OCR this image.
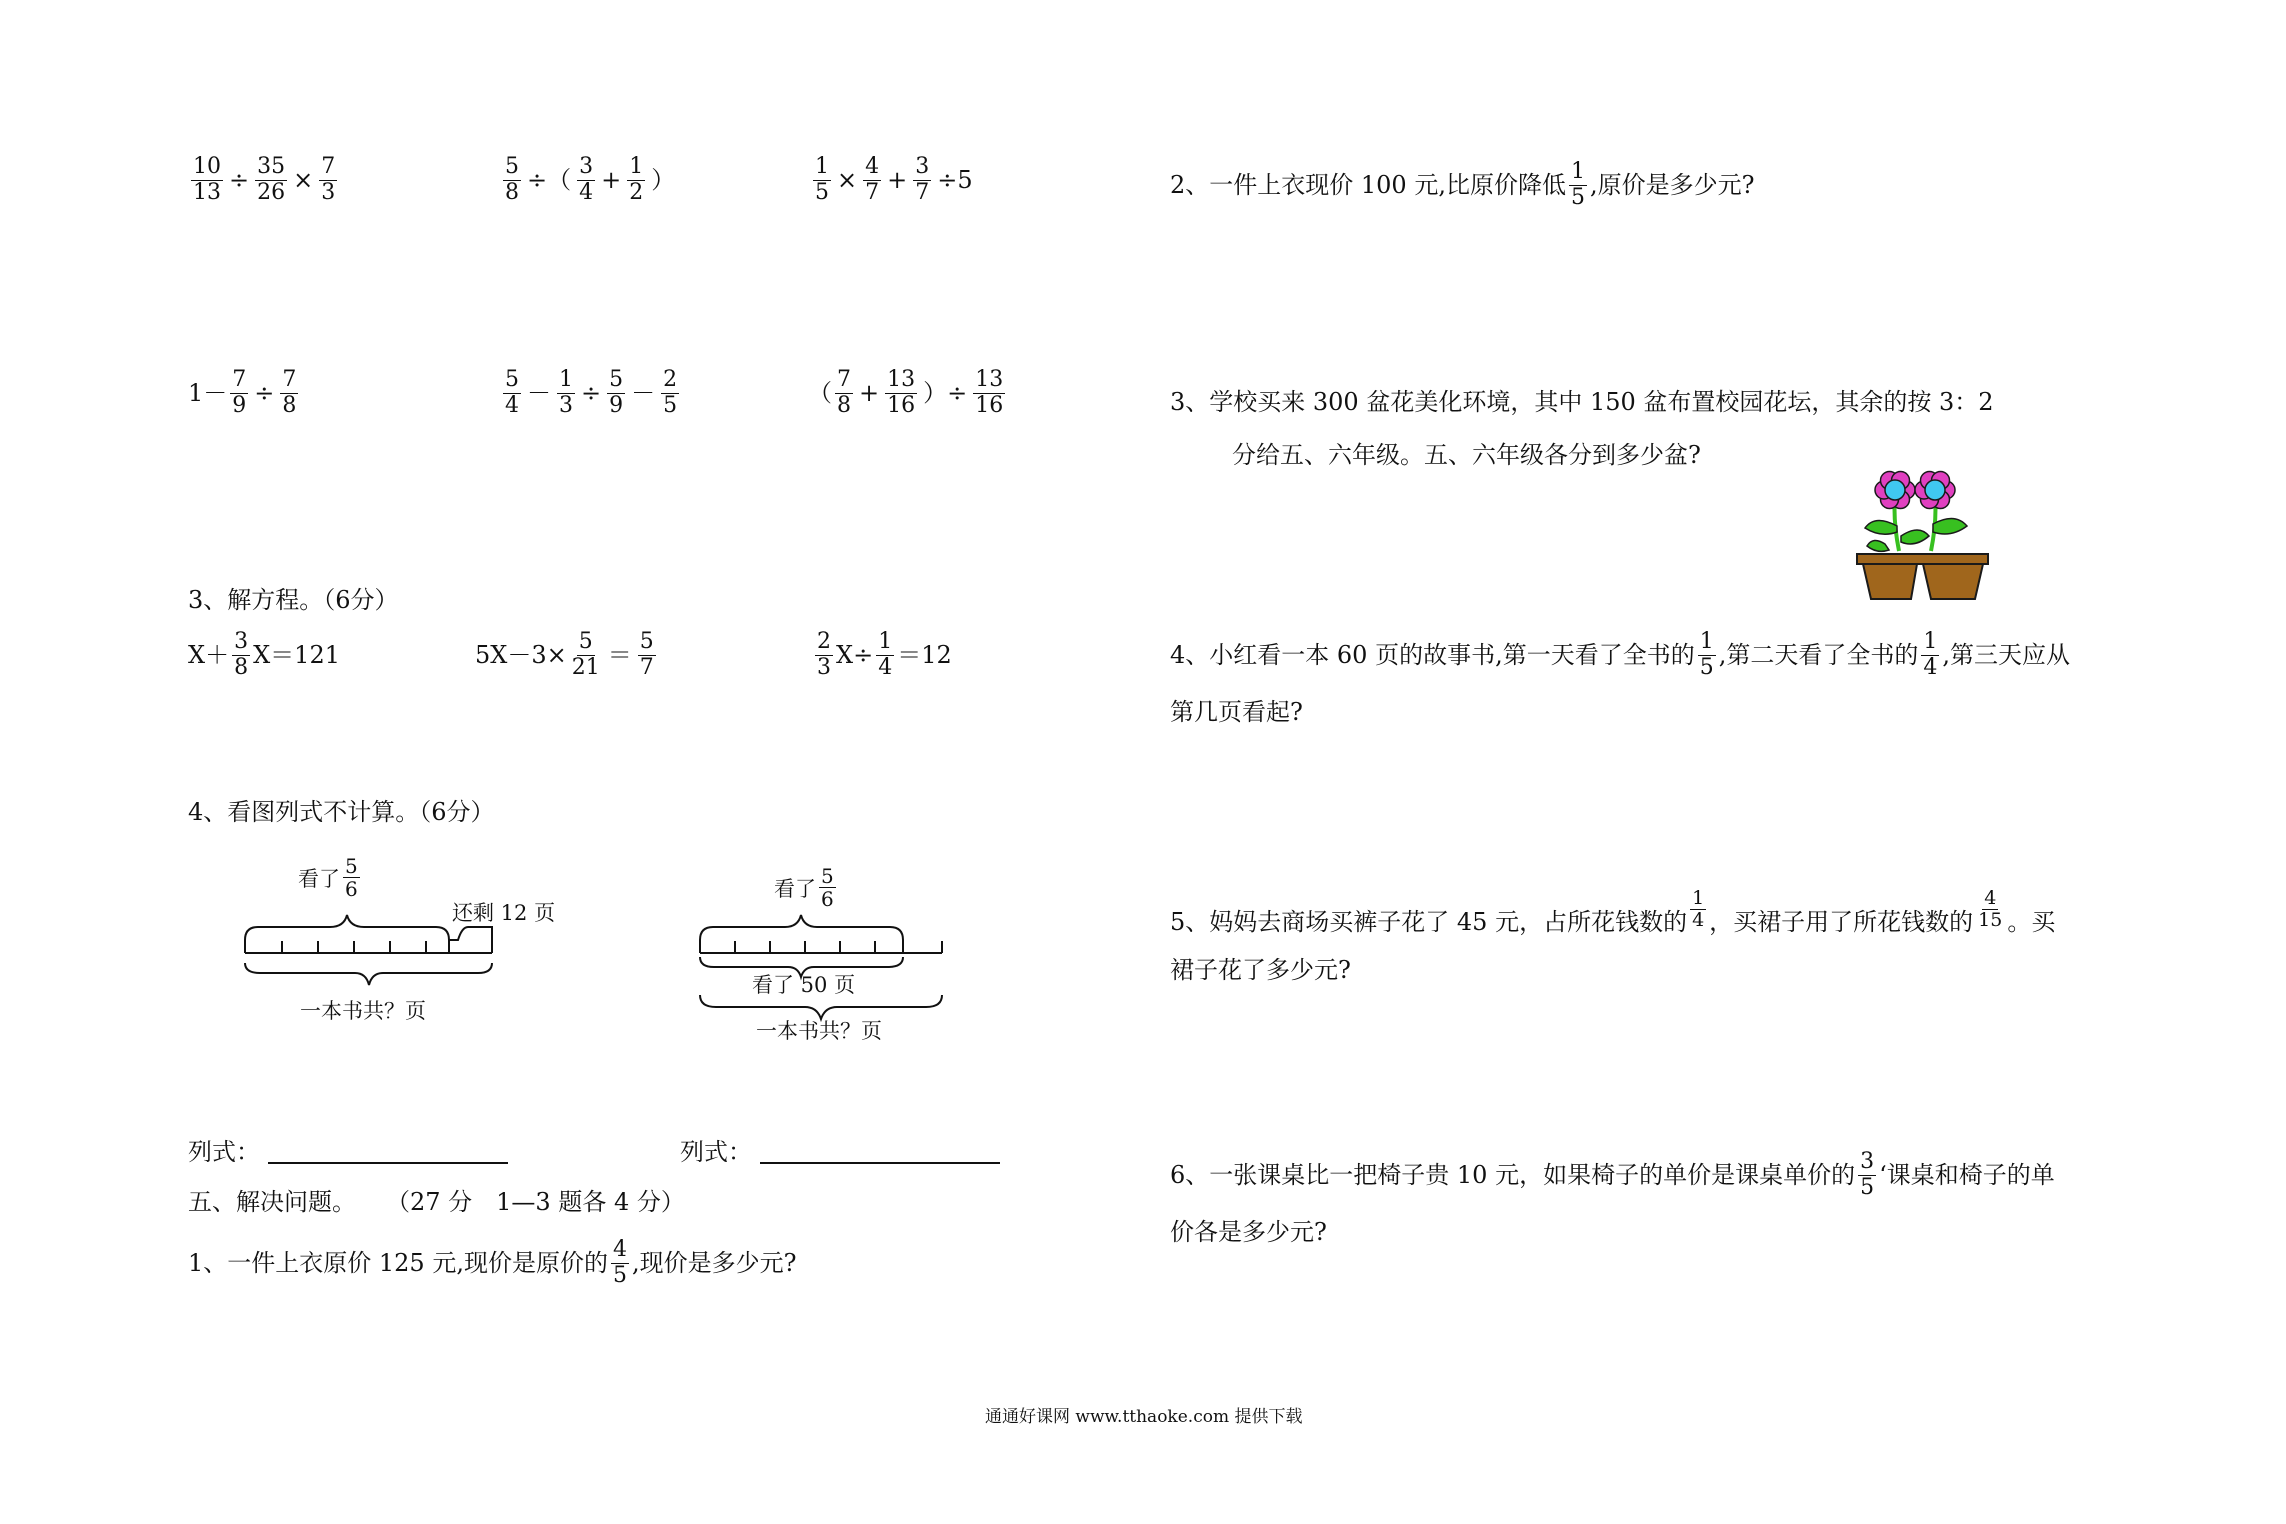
$\frac{10}{13} \div \frac{35}{26} \times \frac{7}{3}$	$\frac{5}{8}$ ÷（ $\frac{3}{4} + \frac{1}{2}$ ）	$\frac{1}{5} \times \frac{4}{7} + \frac{3}{7} \div 5$
$1- \frac{7}{9} \div \frac{7}{8}$	$\frac{5}{4} - \frac{1}{3} \div \frac{5}{9} - \frac{2}{5}$	（ $\frac{7}{8} + \frac{13}{16}$ ）÷ $\frac{13}{16}$
3、解方程。（6分）
$X+ \frac{3}{8} X=121$	$5X-3\times \frac{5}{21} = \frac{5}{7}$	$\frac{2}{3} X\div \frac{1}{4} =12$
4、看图列式不计算。（6分）
看了 $\frac{5}{6}$
还剩 12 页
一本书共？页
看了 $\frac{5}{6}$
看了 50 页
一本书共？页
列式：	列式：
五、解决问题。 （27 分　1—3 题各 4 分）
1、一件上衣原价 125 元,现价是原价的 $\frac{4}{5}$ ,现价是多少元?
2、一件上衣现价 100 元,比原价降低 $\frac{1}{5}$ ,原价是多少元?
3、学校买来 300 盆花美化环境，其中 150 盆布置校园花坛，其余的按 3：2
分给五、六年级。五、六年级各分到多少盆?
4、小红看一本 60 页的故事书,第一天看了全书的 $\frac{1}{5}$ ,第二天看了全书的 $\frac{1}{4}$ ,第三天应从
第几页看起?
5、妈妈去商场买裤子花了 45 元，占所花钱数的 $\frac{1}{4}$ ，买裙子用了所花钱数的 $\frac{4}{15}$ 。买
裙子花了多少元?
6、一张课桌比一把椅子贵 10 元，如果椅子的单价是课桌单价的 $\frac{3}{5}$ ‘课桌和椅子的单
价各是多少元?
通通好课网 www.tthaoke.com 提供下载
